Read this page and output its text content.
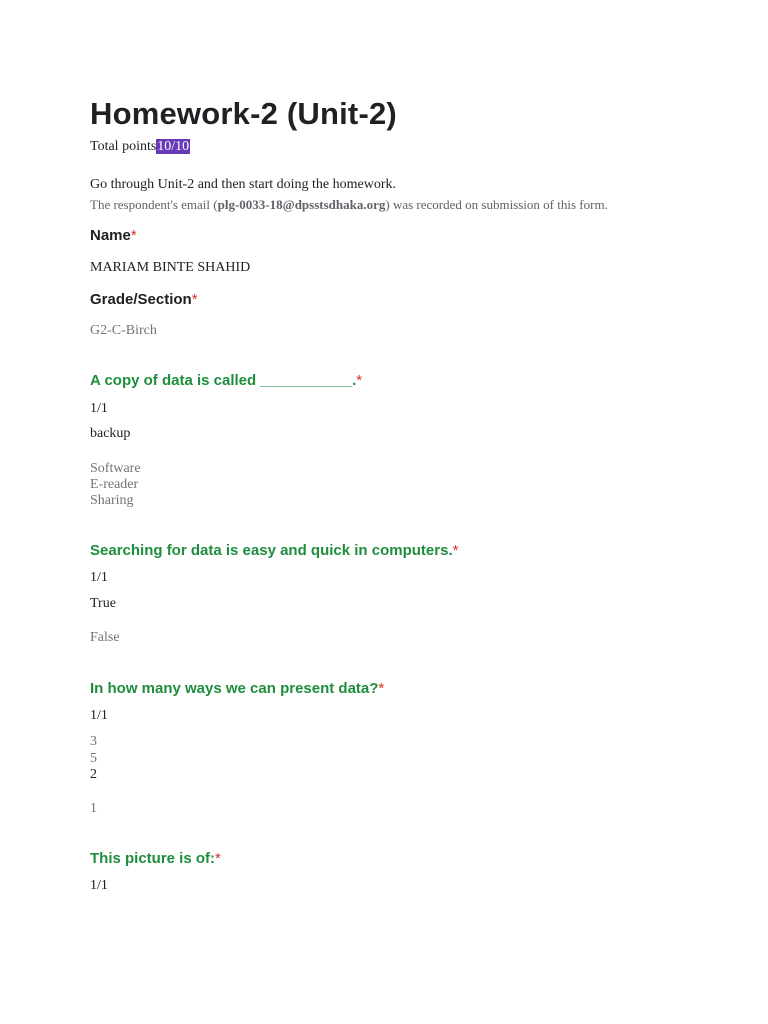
Homework-2 (Unit-2)
Total points10/10
Go through Unit-2 and then start doing the homework.
The respondent's email (plg-0033-18@dpsstsdhaka.org) was recorded on submission of this form.
Name*
MARIAM BINTE SHAHID
Grade/Section*
G2-C-Birch
A copy of data is called ___________.*
1/1
backup
Software
E-reader
Sharing
Searching for data is easy and quick in computers.*
1/1
True
False
In how many ways we can present data?*
1/1
3
5
2
1
This picture is of:*
1/1
